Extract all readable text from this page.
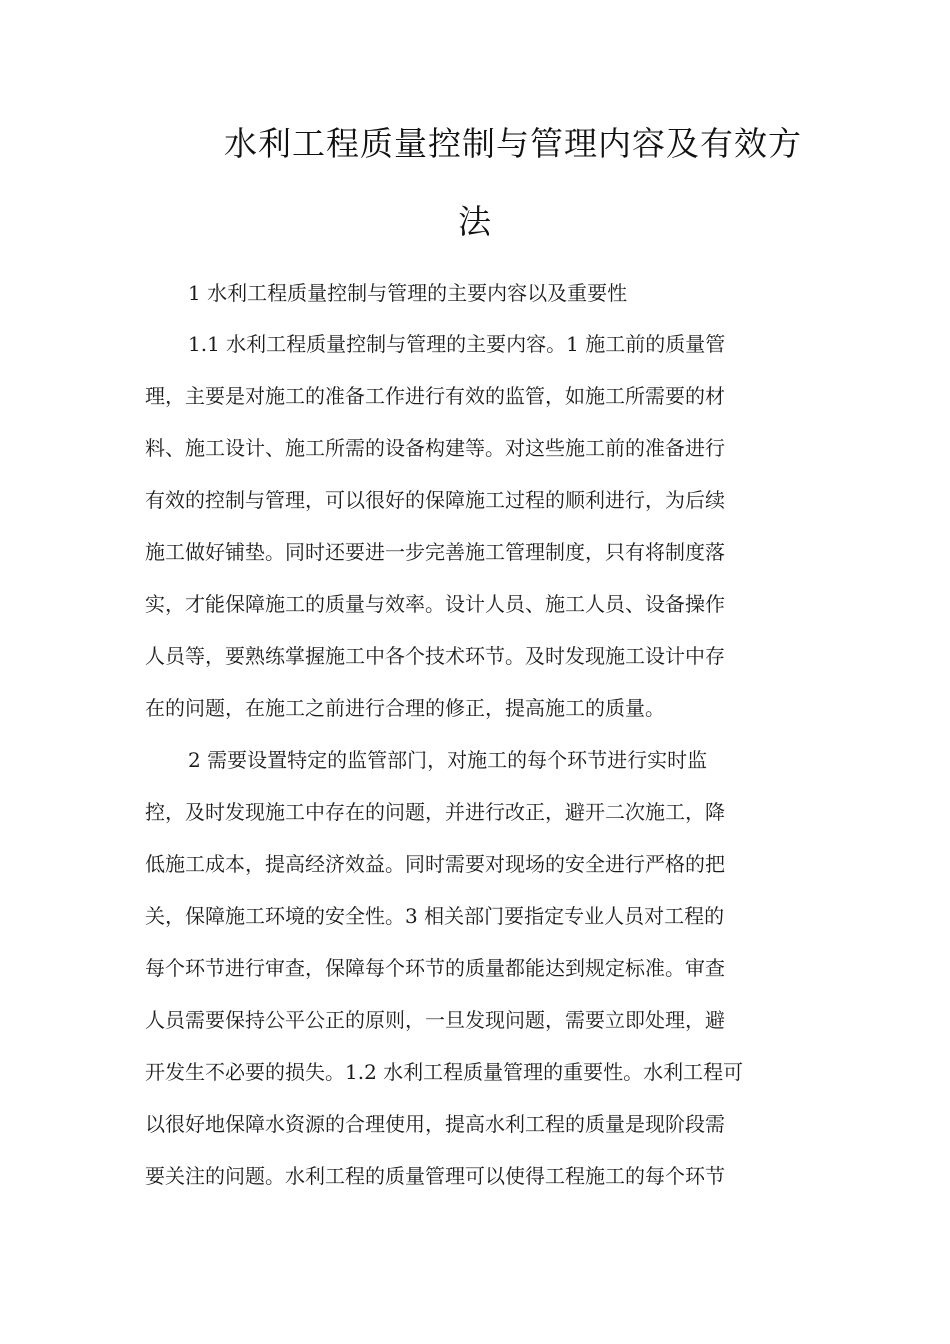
水利工程质量控制与管理内容及有效方
法
1 水利工程质量控制与管理的主要内容以及重要性
1.1 水利工程质量控制与管理的主要内容。1 施工前的质量管
理，主要是对施工的准备工作进行有效的监管，如施工所需要的材
料、施工设计、施工所需的设备构建等。对这些施工前的准备进行
有效的控制与管理，可以很好的保障施工过程的顺利进行，为后续
施工做好铺垫。同时还要进一步完善施工管理制度，只有将制度落
实，才能保障施工的质量与效率。设计人员、施工人员、设备操作
人员等，要熟练掌握施工中各个技术环节。及时发现施工设计中存
在的问题，在施工之前进行合理的修正，提高施工的质量。
2 需要设置特定的监管部门，对施工的每个环节进行实时监
控，及时发现施工中存在的问题，并进行改正，避开二次施工，降
低施工成本，提高经济效益。同时需要对现场的安全进行严格的把
关，保障施工环境的安全性。3 相关部门要指定专业人员对工程的
每个环节进行审查，保障每个环节的质量都能达到规定标准。审查
人员需要保持公平公正的原则，一旦发现问题，需要立即处理，避
开发生不必要的损失。1.2 水利工程质量管理的重要性。水利工程可
以很好地保障水资源的合理使用，提高水利工程的质量是现阶段需
要关注的问题。水利工程的质量管理可以使得工程施工的每个环节
